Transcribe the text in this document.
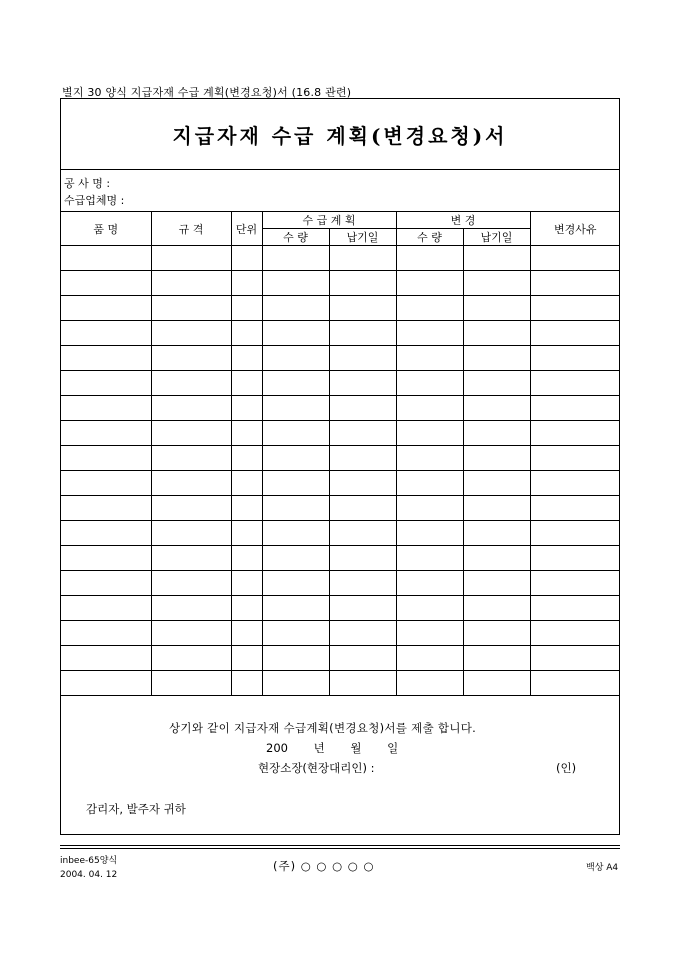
별지 30 양식 지급자재 수급 계획(변경요청)서 (16.8 관련)
지급자재 수급 계획(변경요청)서
공 사 명 :
수급업체명 :
품 명	규 격	단위	수 급 계 획		변 경		변경사유
			수 량	납기일	수 량	납기일	

상기와 같이 지급자재 수급계획(변경요청)서를 제출 합니다.
200 년 월 일
현장소장(현장대리인) :	(인)
감리자, 발주자 귀하
inbee-65양식
2004. 04. 12
(주) ○ ○ ○ ○ ○	백상 A4
